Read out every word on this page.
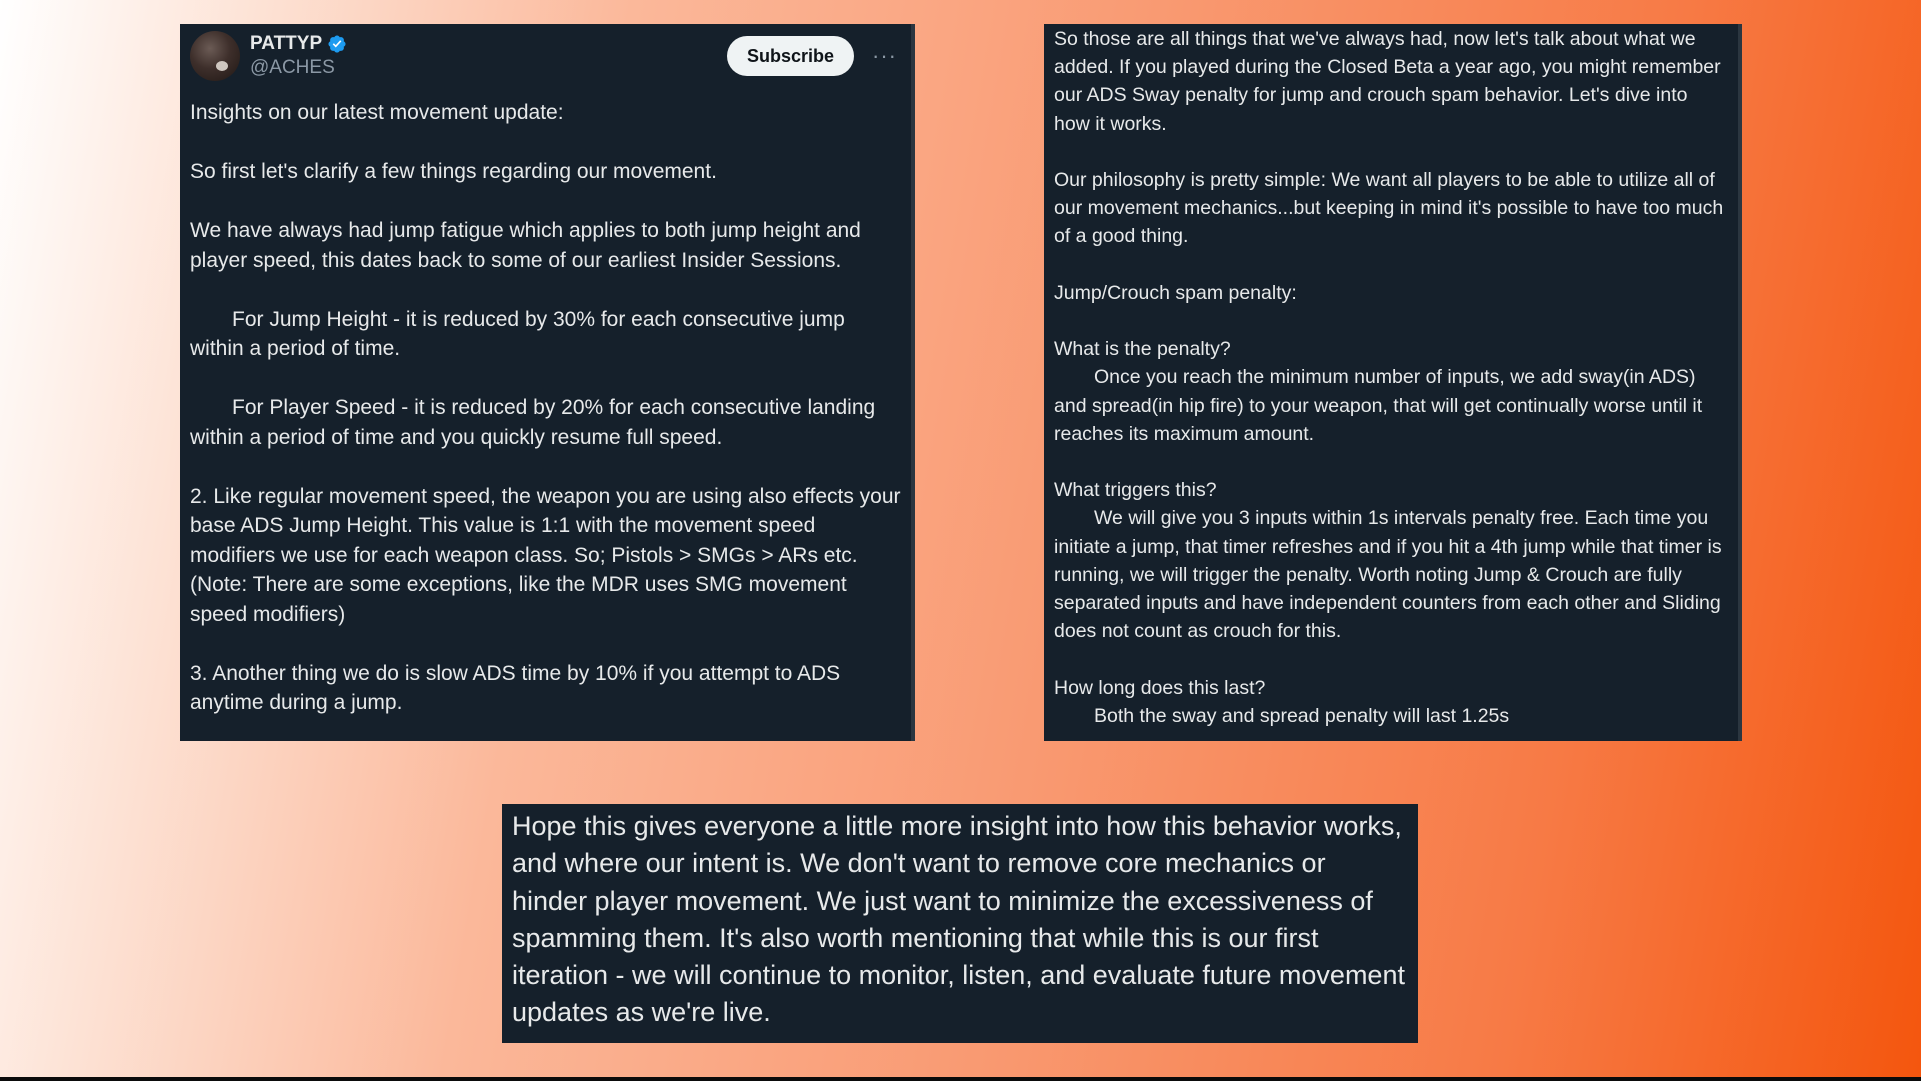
PATTYP
@ACHES
Subscribe	···

Insights on our latest movement update:

So first let's clarify a few things regarding our movement.

We have always had jump fatigue which applies to both jump height and player speed, this dates back to some of our earliest Insider Sessions.

For Jump Height - it is reduced by 30% for each consecutive jump within a period of time.

For Player Speed - it is reduced by 20% for each consecutive landing within a period of time and you quickly resume full speed.

2. Like regular movement speed, the weapon you are using also effects your base ADS Jump Height. This value is 1:1 with the movement speed modifiers we use for each weapon class. So; Pistols > SMGs > ARs etc. (Note: There are some exceptions, like the MDR uses SMG movement speed modifiers)

3. Another thing we do is slow ADS time by 10% if you attempt to ADS anytime during a jump.

So those are all things that we've always had, now let's talk about what we added. If you played during the Closed Beta a year ago, you might remember our ADS Sway penalty for jump and crouch spam behavior. Let's dive into how it works.

Our philosophy is pretty simple: We want all players to be able to utilize all of our movement mechanics...but keeping in mind it's possible to have too much of a good thing.

Jump/Crouch spam penalty:

What is the penalty?

Once you reach the minimum number of inputs, we add sway(in ADS) and spread(in hip fire) to your weapon, that will get continually worse until it reaches its maximum amount.

What triggers this?

We will give you 3 inputs within 1s intervals penalty free. Each time you initiate a jump, that timer refreshes and if you hit a 4th jump while that timer is running, we will trigger the penalty. Worth noting Jump & Crouch are fully separated inputs and have independent counters from each other and Sliding does not count as crouch for this.

How long does this last?

Both the sway and spread penalty will last 1.25s

Hope this gives everyone a little more insight into how this behavior works, and where our intent is. We don't want to remove core mechanics or hinder player movement. We just want to minimize the excessiveness of spamming them. It's also worth mentioning that while this is our first iteration - we will continue to monitor, listen, and evaluate future movement updates as we're live.
